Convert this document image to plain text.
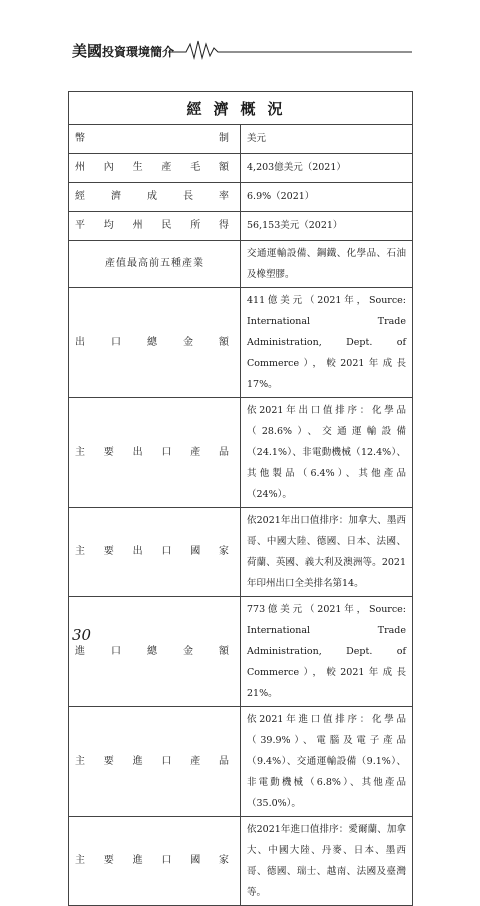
美國投資環境簡介
經濟概況	
幣制	美元
州內生產毛額	4,203億美元（2021）
經濟成長率	6.9%（2021）
平均州民所得	56,153美元（2021）
產值最高前五種產業	交通運輸設備、鋼鐵、化學品、石油及橡塑膠。
出口總金額	411億美元（2021年，Source: International Trade Administration, Dept. of Commerce），較2021年成長17%。
主要出口產品	依2021年出口值排序：化學品（28.6%）、交通運輸設備（24.1%）、非電動機械（12.4%）、其他製品（6.4%）、其他產品（24%）。
主要出口國家	依2021年出口值排序：加拿大、墨西哥、中國大陸、德國、日本、法國、荷蘭、英國、義大利及澳洲等。2021年印州出口全美排名第14。
進口總金額	773億美元（2021年，Source: International Trade Administration, Dept. of Commerce），較2021年成長21%。
主要進口產品	依2021年進口值排序：化學品（39.9%）、電腦及電子產品（9.4%）、交通運輸設備（9.1%）、非電動機械（6.8%）、其他產品（35.0%）。
主要進口國家	依2021年進口值排序：愛爾蘭、加拿大、中國大陸、丹麥、日本、墨西哥、德國、瑞士、越南、法國及臺灣等。
30
